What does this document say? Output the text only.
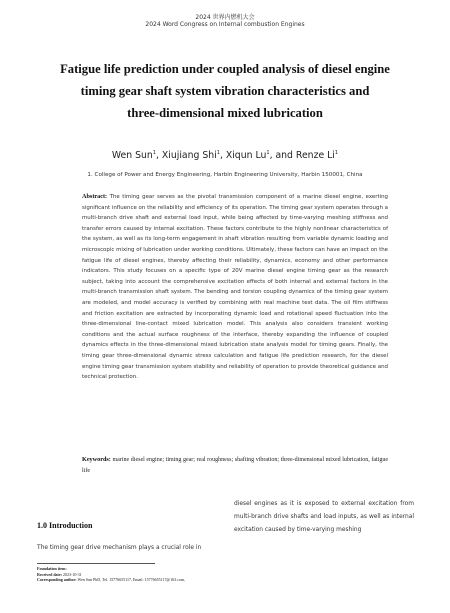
2024 世界内燃机大会
2024 Word Congress on Internal combustion Engines
Fatigue life prediction under coupled analysis of diesel engine
timing gear shaft system vibration characteristics and
three-dimensional mixed lubrication
Wen Sun$^1$, Xiujiang Shi$^1$, Xiqun Lu$^1$, and Renze Li$^1$
1. College of Power and Energy Engineering, Harbin Engineering University, Harbin 150001, China
Abstract: The timing gear serves as the pivotal transmission component of a marine diesel engine, exerting significant influence on the reliability and efficiency of its operation. The timing gear system operates through a multi-branch drive shaft and external load input, while being affected by time-varying meshing stiffness and transfer errors caused by internal excitation. These factors contribute to the highly nonlinear characteristics of the system, as well as its long-term engagement in shaft vibration resulting from variable dynamic loading and microscopic mixing of lubrication under working conditions. Ultimately, these factors can have an impact on the fatigue life of diesel engines, thereby affecting their reliability, dynamics, economy and other performance indicators. This study focuses on a specific type of 20V marine diesel engine timing gear as the research subject, taking into account the comprehensive excitation effects of both internal and external factors in the multi-branch transmission shaft system. The bending and torsion coupling dynamics of the timing gear system are modeled, and model accuracy is verified by combining with real machine test data. The oil film stiffness and friction excitation are extracted by incorporating dynamic load and rotational speed fluctuation into the three-dimensional line-contact mixed lubrication model. This analysis also considers transient working conditions and the actual surface roughness of the interface, thereby expanding the influence of coupled dynamics effects in the three-dimensional mixed lubrication state analysis model for timing gears. Finally, the timing gear three-dimensional dynamic stress calculation and fatigue life prediction research, for the diesel engine timing gear transmission system stability and reliability of operation to provide theoretical guidance and technical protection.
Keywords: marine diesel engine; timing gear; real roughness; shafting vibration; three-dimensional mixed lubrication, fatigue life
diesel engines as it is exposed to external excitation from multi-branch drive shafts and load inputs, as well as internal excitation caused by time-varying meshing
1.0 Introduction
The timing gear drive mechanism plays a crucial role in
Foundation item:
Received date: 2023-10-31
Corresponding author: Wen Sun PhD, Tel. 15776655117, Email: 15776655117@163.com,
